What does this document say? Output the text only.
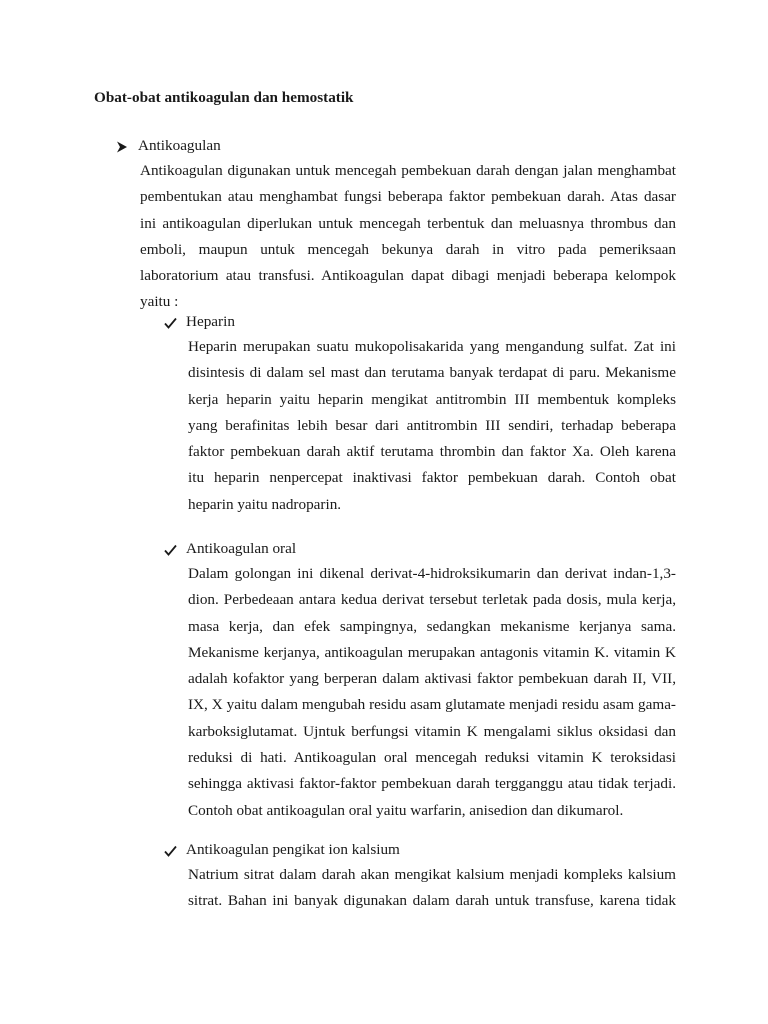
Obat-obat antikoagulan dan hemostatik
Antikoagulan
Antikoagulan digunakan untuk mencegah pembekuan darah dengan jalan menghambat
pembentukan atau menghambat fungsi beberapa faktor pembekuan darah. Atas dasar
ini antikoagulan diperlukan untuk mencegah terbentuk dan meluasnya thrombus dan
emboli, maupun untuk mencegah bekunya darah in vitro pada pemeriksaan
laboratorium atau transfusi. Antikoagulan dapat dibagi menjadi beberapa kelompok
yaitu :
Heparin
Heparin merupakan suatu mukopolisakarida yang mengandung sulfat. Zat ini
disintesis di dalam sel mast dan terutama banyak terdapat di paru. Mekanisme
kerja heparin yaitu heparin mengikat antitrombin III membentuk kompleks
yang berafinitas lebih besar dari antitrombin III sendiri, terhadap beberapa
faktor pembekuan darah aktif terutama thrombin dan faktor Xa. Oleh karena
itu heparin nenpercepat inaktivasi faktor pembekuan darah. Contoh obat
heparin yaitu nadroparin.
Antikoagulan oral
Dalam golongan ini dikenal derivat-4-hidroksikumarin dan derivat indan-1,3-
dion. Perbedeaan antara kedua derivat tersebut terletak pada dosis, mula kerja,
masa kerja, dan efek sampingnya, sedangkan mekanisme kerjanya sama.
Mekanisme kerjanya, antikoagulan merupakan antagonis vitamin K. vitamin K
adalah kofaktor yang berperan dalam aktivasi faktor pembekuan darah II, VII,
IX, X yaitu dalam mengubah residu asam glutamate menjadi residu asam gama-
karboksiglutamat. Ujntuk berfungsi vitamin K mengalami siklus oksidasi dan
reduksi di hati. Antikoagulan oral mencegah reduksi vitamin K teroksidasi
sehingga aktivasi faktor-faktor pembekuan darah tergganggu atau tidak terjadi.
Contoh obat antikoagulan oral yaitu warfarin, anisedion dan dikumarol.
Antikoagulan pengikat ion kalsium
Natrium sitrat dalam darah akan mengikat kalsium menjadi kompleks kalsium
sitrat. Bahan ini banyak digunakan dalam darah untuk transfuse, karena tidak
